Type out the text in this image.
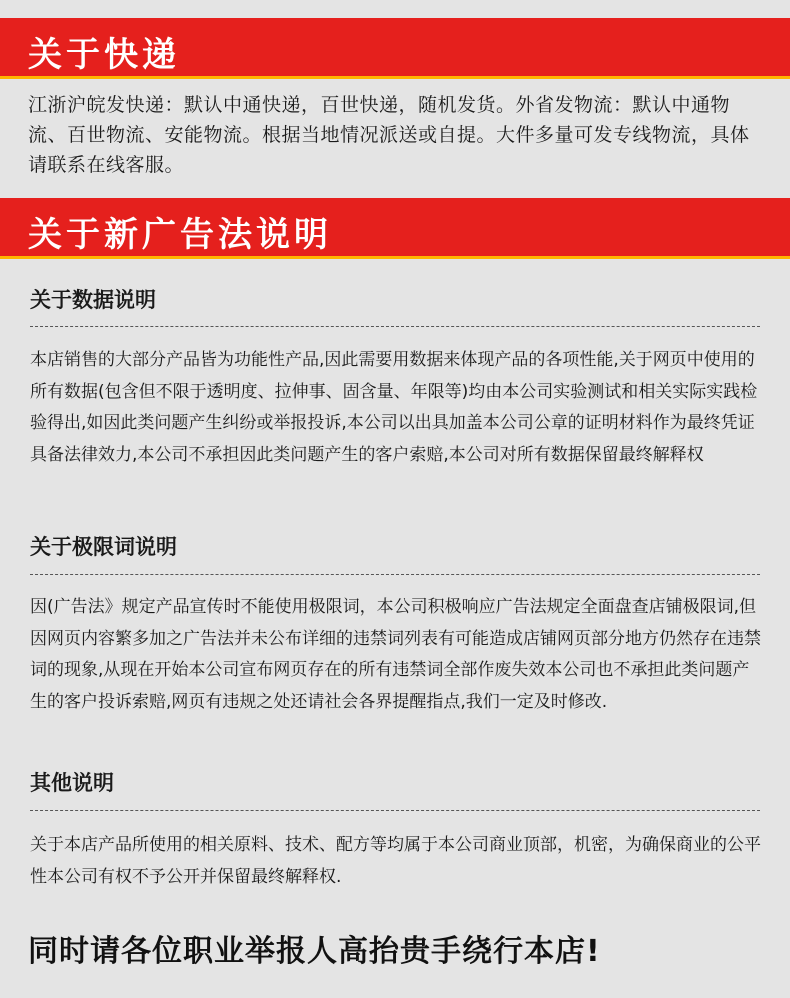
关于快递

江浙沪皖发快递：默认中通快递，百世快递，随机发货。外省发物流：默认中通物流、百世物流、安能物流。根据当地情况派送或自提。大件多量可发专线物流，具体请联系在线客服。

关于新广告法说明
关于数据说明

本店销售的大部分产品皆为功能性产品,因此需要用数据来体现产品的各项性能,关于网页中使用的所有数据(包含但不限于透明度、拉伸事、固含量、年限等)均由本公司实验测试和相关实际实践检验得出,如因此类问题产生纠纷或举报投诉,本公司以出具加盖本公司公章的证明材料作为最终凭证具备法律效力,本公司不承担因此类问题产生的客户索赔,本公司对所有数据保留最终解释权

关于极限词说明

因(广告法》规定产品宣传时不能使用极限词，本公司积极响应广告法规定全面盘查店铺极限词,但因网页内容繁多加之广告法并未公布详细的违禁词列表有可能造成店铺网页部分地方仍然存在违禁词的现象,从现在开始本公司宣布网页存在的所有违禁词全部作废失效本公司也不承担此类问题产生的客户投诉索赔,网页有违规之处还请社会各界提醒指点,我们一定及时修改.

其他说明

关于本店产品所使用的相关原料、技术、配方等均属于本公司商业顶部，机密，为确保商业的公平性本公司有权不予公开并保留最终解释权.

同时请各位职业举报人高抬贵手绕行本店!
